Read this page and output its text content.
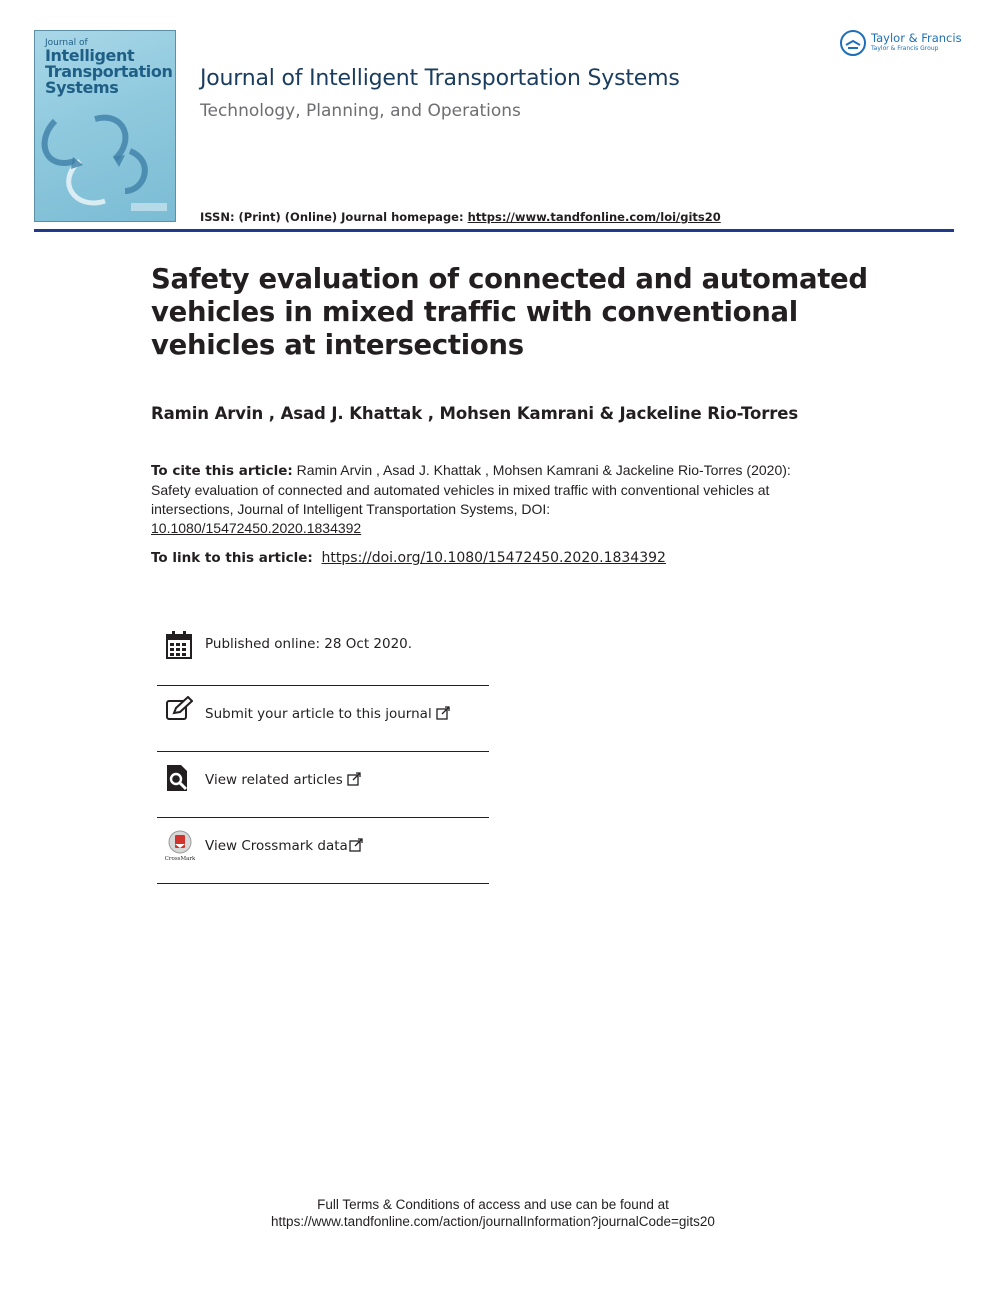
Journal of
Intelligent
Transportation
Systems	Journal of Intelligent Transportation Systems
Technology, Planning, and Operations
Taylor & Francis
Taylor & Francis Group
ISSN: (Print) (Online) Journal homepage: https://www.tandfonline.com/loi/gits20
Safety evaluation of connected and automated vehicles in mixed traffic with conventional vehicles at intersections
Ramin Arvin , Asad J. Khattak , Mohsen Kamrani & Jackeline Rio-Torres
To cite this article: Ramin Arvin , Asad J. Khattak , Mohsen Kamrani & Jackeline Rio-Torres (2020): Safety evaluation of connected and automated vehicles in mixed traffic with conventional vehicles at intersections, Journal of Intelligent Transportation Systems, DOI:
10.1080/15472450.2020.1834392
To link to this article: https://doi.org/10.1080/15472450.2020.1834392
Published online: 28 Oct 2020.
Submit your article to this journal
View related articles
CrossMark
View Crossmark data
Full Terms & Conditions of access and use can be found at
https://www.tandfonline.com/action/journalInformation?journalCode=gits20
